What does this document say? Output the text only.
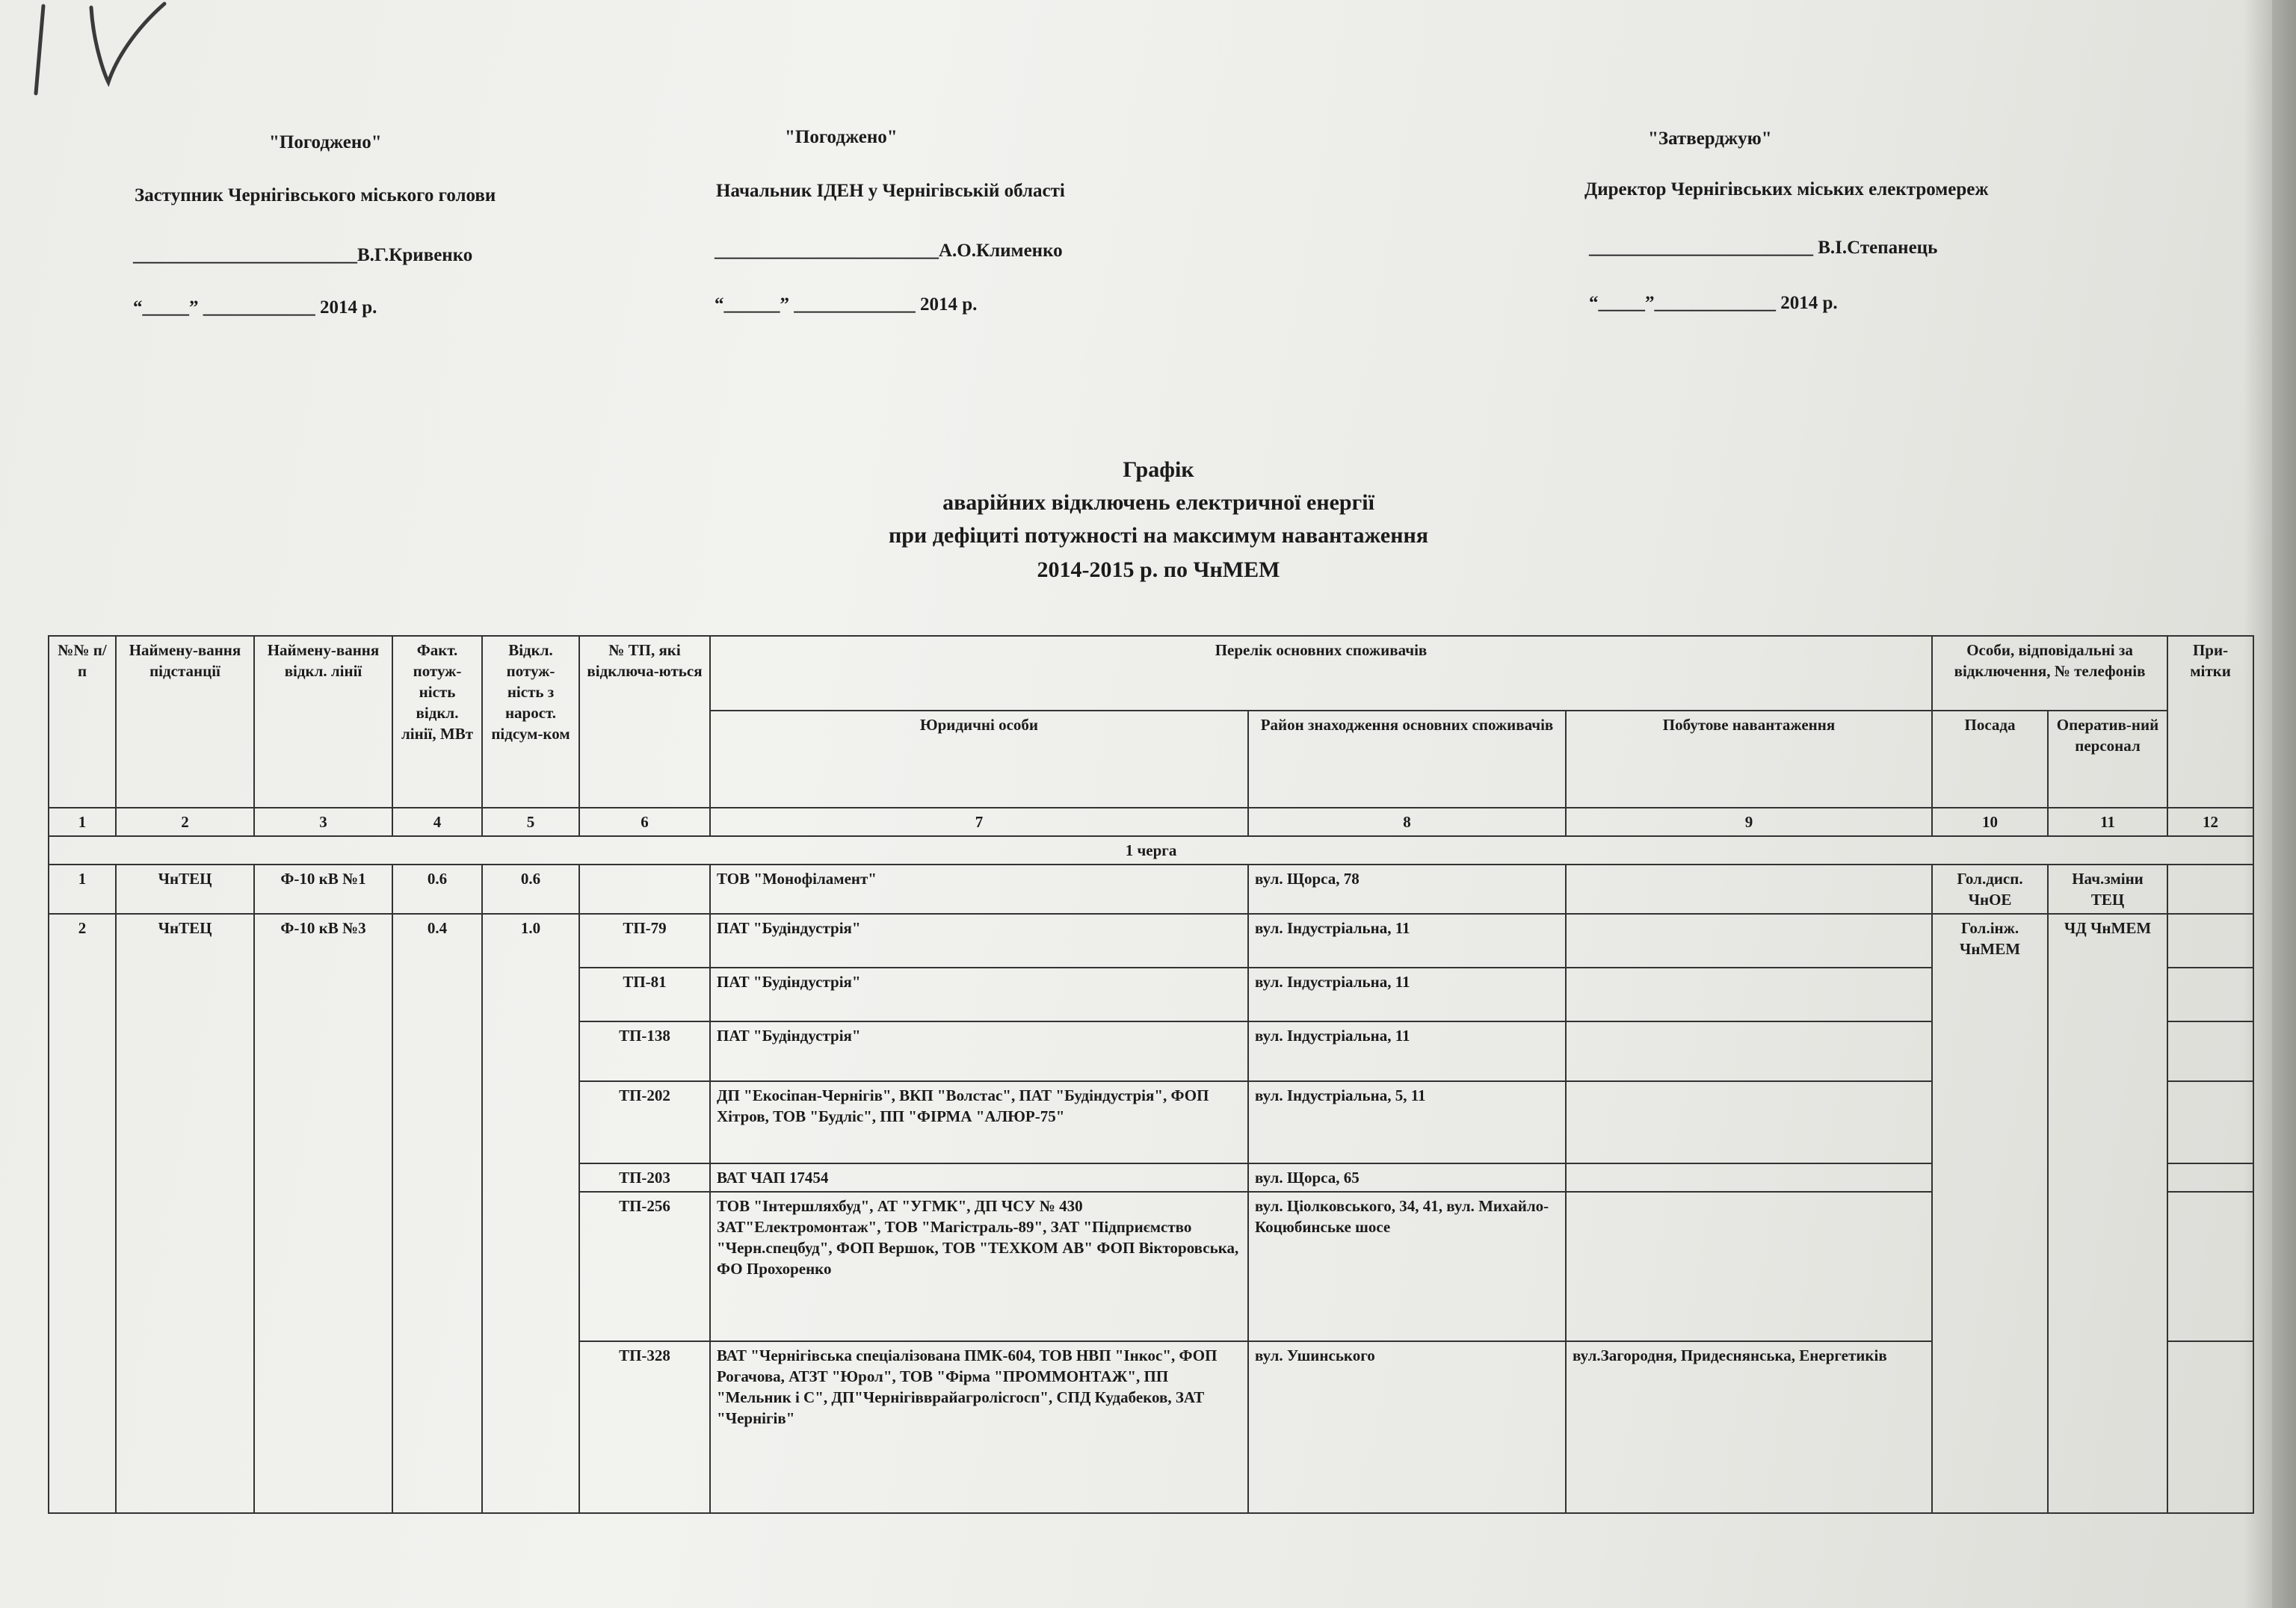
"Погоджено"
Заступник Чернігівського міського голови
________________________В.Г.Кривенко
“_____” ____________ 2014 р.
"Погоджено"
Начальник ІДЕН у Чернігівській області
________________________А.О.Клименко
“______” _____________ 2014 р.
"Затверджую"
Директор Чернігівських міських електромереж
________________________ В.І.Степанець
“_____”_____________ 2014 р.
Графік
аварійних відключень електричної енергії
при дефіциті потужності на максимум навантаження
2014-2015 р. по ЧнМЕМ
№№ п/п	Наймену-вання підстанції	Наймену-вання відкл. лінії	Факт. потуж-ність відкл. лінії, МВт	Відкл. потуж-ність з нарост. підсум-ком	№ ТП, які відключа-ються	Перелік основних споживачів			Особи, відповідальні за відключення, № телефонів		При-мітки
						Юридичні особи	Район знаходження основних споживачів	Побутове навантаження	Посада	Оператив-ний персонал	

1	2	3	4	5	6	7	8	9	10	11	12
1 черга											
1	ЧнТЕЦ	Ф-10 кВ №1	0.6	0.6		ТОВ "Монофіламент"	вул. Щорса, 78		Гол.дисп. ЧнОЕ	Нач.зміни ТЕЦ	
2	ЧнТЕЦ	Ф-10 кВ №3	0.4	1.0	ТП-79	ПАТ "Будіндустрія"	вул. Індустріальна, 11		Гол.інж. ЧнМЕМ	ЧД ЧнМЕМ	
					ТП-81	ПАТ "Будіндустрія"	вул. Індустріальна, 11				
					ТП-138	ПАТ "Будіндустрія"	вул. Індустріальна, 11				
					ТП-202	ДП "Екосіпан-Чернігів", ВКП "Волстас", ПАТ "Будіндустрія", ФОП Хітров, ТОВ "Будліс", ПП "ФІРМА "АЛЮР-75"	вул. Індустріальна, 5, 11				
					ТП-203	ВАТ ЧАП 17454	вул. Щорса, 65				
					ТП-256	ТОВ "Інтершляхбуд", АТ "УГМК", ДП ЧСУ № 430 ЗАТ"Електромонтаж", ТОВ "Магістраль-89", ЗАТ "Підприємство "Черн.спецбуд", ФОП Вершок, ТОВ "ТЕХКОМ АВ" ФОП Вікторовська, ФО Прохоренко	вул. Ціолковського, 34, 41, вул. Михайло-Коцюбинське шосе				
					ТП-328	ВАТ "Чернігівська спеціалізована ПМК-604, ТОВ НВП "Інкос", ФОП Рогачова, АТЗТ "Юрол", ТОВ "Фірма "ПРОММОНТАЖ", ПП "Мельник і С", ДП"Чернігівврайагролісгосп", СПД Кудабеков, ЗАТ "Чернігів"	вул. Ушинського	вул.Загородня, Придеснянська, Енергетиків			
